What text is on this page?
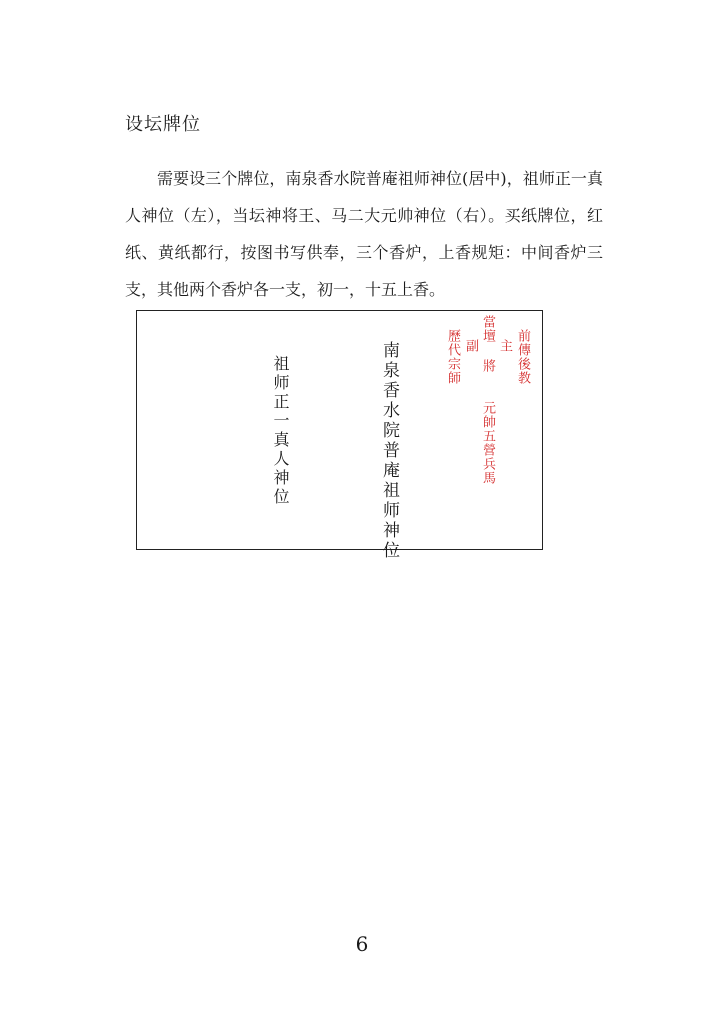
设坛牌位

需要设三个牌位，南泉香水院普庵祖师神位(居中)，祖师正一真人神位（左），当坛神将王、马二大元帅神位（右）。买纸牌位，红纸、黄纸都行，按图书写供奉，三个香炉，上香规矩：中间香炉三支，其他两个香炉各一支，初一，十五上香。

祖师正一真人神位	南泉香水院普庵祖师神位	歷代宗師 副
當壇
將
元帥五營兵馬
主 前傳後教
6
